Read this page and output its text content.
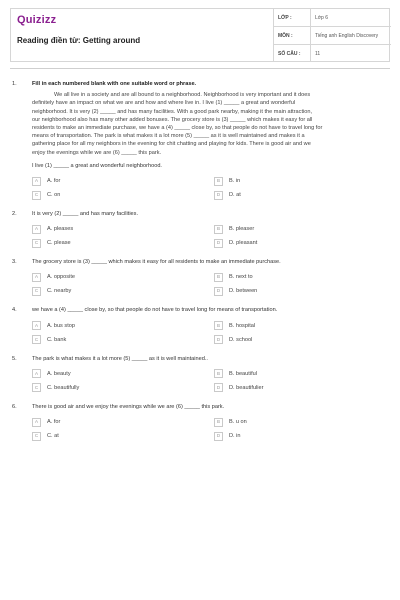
Quizizz
Reading điền từ: Getting around
LỚP :	Lớp 6
MÔN :	Tiếng anh English Discovery
SỐ CÂU :	11
1.	Fill in each numbered blank with one suitable word or phrase.
We all live in a society and are all bound to a neighborhood. Neighborhood is very important and it does
definitely have an impact on what we are and how and where live in. I live (1) _____ a great and wonderful
neighborhood. It is very (2) _____ and has many facilities. With a good park nearby, making it the main attraction,
our neighborhood also has many other added bonuses. The grocery store is (3) _____ which makes it easy for all
residents to make an immediate purchase, we have a (4) _____ close by, so that people do not have to travel long for
means of transportation. The park is what makes it a lot more (5) _____ as it is well maintained and makes it a
gathering place for all my neighbors in the evening for chit chatting and playing for kids. There is good air and we
enjoy the evenings while we are (6) _____ this park.
I live (1) _____ a great and wonderful neighborhood.
A	A. for	B	B. in
C	C. on	D	D. at
2.	It is very (2) _____ and has many facilities.
A	A. pleases	B	B. pleaser
C	C. please	D	D. pleasant
3.	The grocery store is (3) _____ which makes it easy for all residents to make an immediate purchase.
A	A. opposite	B	B. next to
C	C. nearby	D	D. between
4.	we have a (4) _____ close by, so that people do not have to travel long for means of transportation.
A	A. bus stop	B	B. hospital
C	C. bank	D	D. school
5.	The park is what makes it a lot more (5) _____ as it is well maintained..
A	A. beauty	B	B. beautiful
C	C. beautifully	D	D. beautifulier
6.	There is good air and we enjoy the evenings while we are (6) _____ this park.
A	A. for	B	B. u on
C	C. at	D	D. in
